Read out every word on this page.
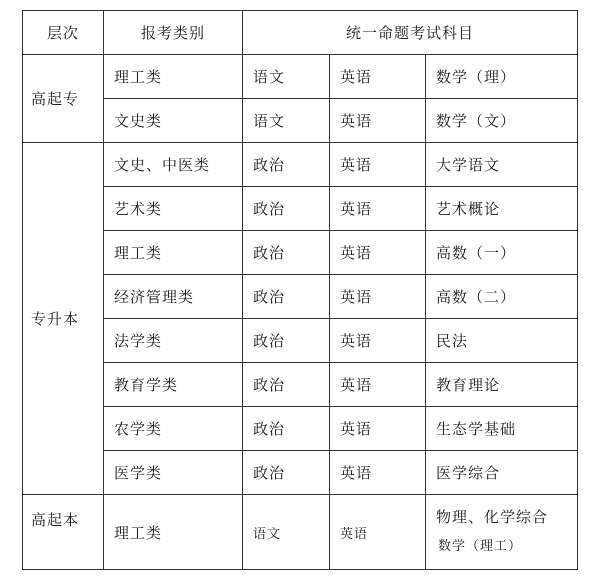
层次	报考类别	统一命题考试科目		
高起专	理工类	语文	英语	数学（理）
	文史类	语文	英语	数学（文）
专升本	文史、中医类	政治	英语	大学语文
	艺术类	政治	英语	艺术概论
	理工类	政治	英语	高数（一）
	经济管理类	政治	英语	高数（二）
	法学类	政治	英语	民法
	教育学类	政治	英语	教育理论
	农学类	政治	英语	生态学基础
	医学类	政治	英语	医学综合
高起本	理工类	语文	英语	物理、化学综合
数学（理工）
